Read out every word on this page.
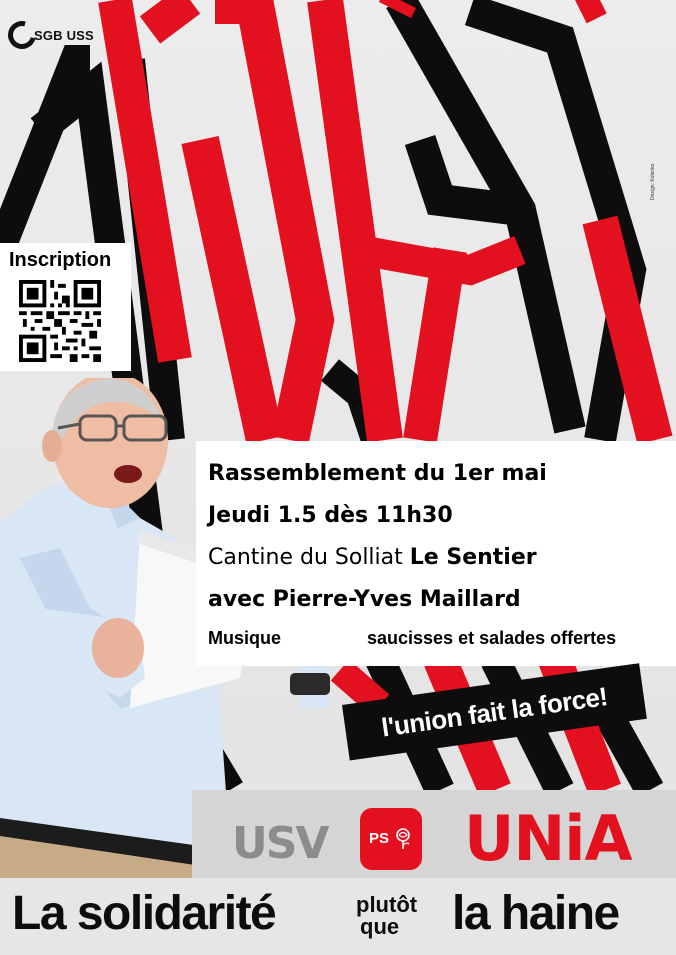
SGB USS
Design: Kolenko
Inscription
Rassemblement du 1er mai
Jeudi 1.5 dès 11h30
Cantine du Solliat Le Sentier
avec Pierre-Yves Maillard
Musique	saucisses et salades offertes
l'union fait la force!
USV	PS UNiA
La solidarité	plutôt
que la haine
